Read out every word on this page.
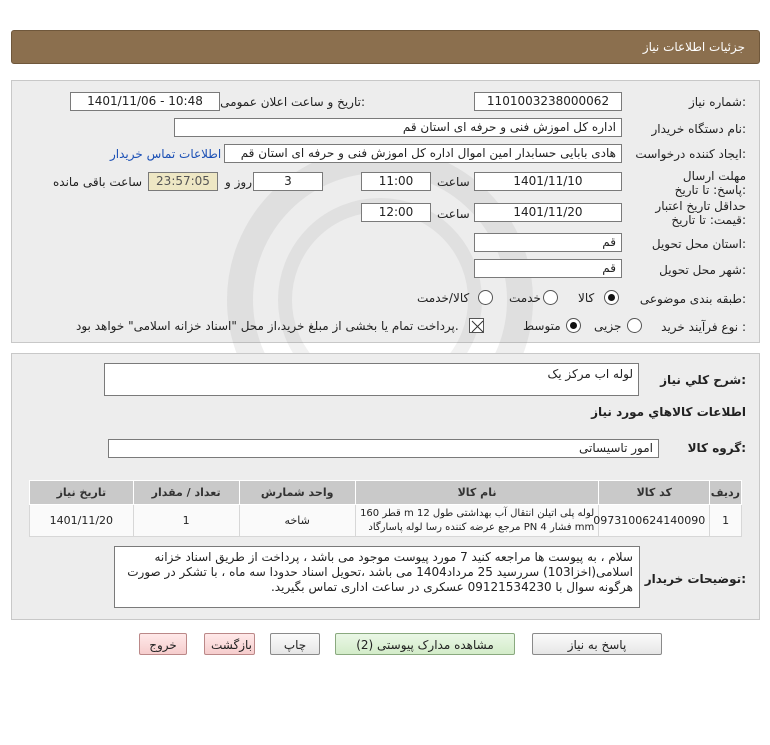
جزئیات اطلاعات نیاز
شماره نیاز:
1101003238000062
تاریخ و ساعت اعلان عمومی:
1401/11/06 - 10:48
نام دستگاه خریدار:
اداره کل اموزش فنی و حرفه ای استان قم
ایجاد کننده درخواست:
هادی بابایی حسابدار امین اموال اداره کل اموزش فنی و حرفه ای استان قم
اطلاعات تماس خریدار
مهلت ارسال پاسخ: تا تاریخ:
1401/11/10
ساعت
11:00
3
روز و
23:57:05
ساعت باقی مانده
حداقل تاریخ اعتبار قیمت: تا تاریخ:
1401/11/20
ساعت
12:00
استان محل تحویل:
قم
شهر محل تحویل:
قم
طبقه بندی موضوعی:
کالا
خدمت
کالا/خدمت
نوع فرآیند خرید :
جزیی
متوسط
پرداخت تمام یا بخشی از مبلغ خرید،از محل "اسناد خزانه اسلامی" خواهد بود.
شرح کلي نياز:
لوله اب مرکز یک
اطلاعات کالاهاي مورد نياز
گروه کالا:
امور تاسیساتی
ردیف	کد کالا	نام کالا	واحد شمارش	تعداد / مقدار	تاریخ نیاز
1	0973100624140090	لوله پلی اتیلن انتقال آب بهداشتی طول 12 m قطر 160 mm فشار 4 PN مرجع عرضه کننده رسا لوله پاسارگاد	شاخه	1	1401/11/20
توضیحات خریدار:
سلام ، به پیوست ها مراجعه کنید 7 مورد پیوست موجود می باشد ، پرداخت از طریق اسناد خزانه اسلامی(اخزا103) سررسید 25 مرداد1404 می باشد ،تحویل اسناد حدودا سه ماه ، با تشکر در صورت هرگونه سوال با 09121534230 عسکری در ساعت اداری تماس بگیرید.
پاسخ به نیاز
مشاهده مدارک پیوستی (2)
چاپ
بازگشت
خروج
